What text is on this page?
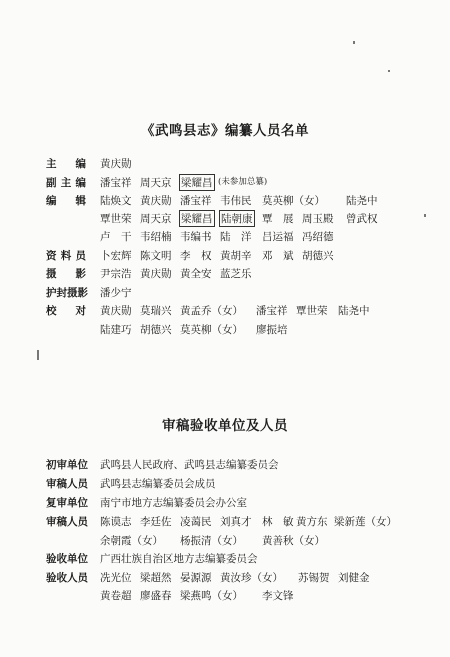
《武鸣县志》编纂人员名单
主 编 黄庆勋
副 主 编 潘宝祥 周天京 梁耀昌 (未参加总纂)
编 辑 陆焕文 黄庆勋 潘宝祥 韦伟民 莫英柳（女） 陆尧中
覃世荣 周天京 梁耀昌 陆朝康 覃　展 周玉殿 曾武权
卢　干 韦绍楠 韦编书 陆　洋 吕运福 冯绍德
资 料 员 卜宏辉 陈文明 李　权 黄胡辛 邓　斌 胡德兴
摄 影 尹宗浩 黄庆勋 黄全安 蓝芝乐
护封摄影 潘少宁
校 对 黄庆勋 莫瑞兴 黄孟乔（女） 潘宝祥 覃世荣 陆尧中
陆建巧 胡德兴 莫英柳（女） 廖振培
审稿验收单位及人员
初审单位 武鸣县人民政府、武鸣县志编纂委员会
审稿人员 武鸣县志编纂委员会成员
复审单位 南宁市地方志编纂委员会办公室
审稿人员 陈谟志 李廷佐 凌蔼民 刘真才 林　敏 黄方东 梁新莲（女）
余朝霞（女） 杨振清（女） 黄善秋（女）
验收单位 广西壮族自治区地方志编纂委员会
验收人员 冼光位 梁超然 晏源源 黄汝珍（女） 苏锡贺 刘健金
黄卷超 廖盛春 梁燕鸣（女） 李文锋
